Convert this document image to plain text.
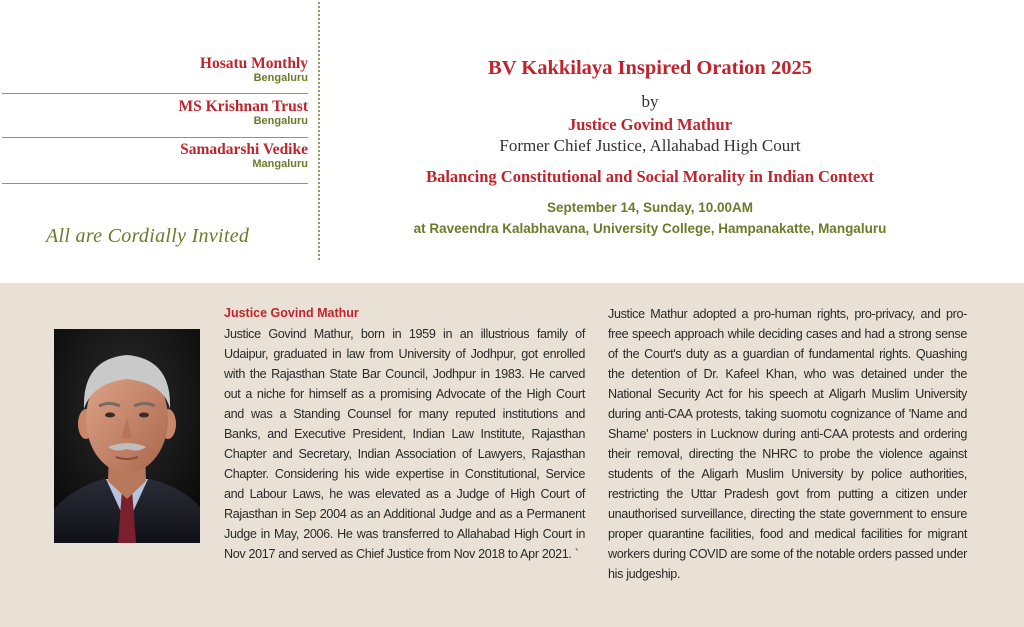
Hosatu Monthly
Bengaluru
MS Krishnan Trust
Bengaluru
Samadarshi Vedike
Mangaluru
All are Cordially Invited
BV Kakkilaya Inspired Oration 2025
by
Justice Govind Mathur
Former Chief Justice, Allahabad High Court
Balancing Constitutional and Social Morality in Indian Context
September 14, Sunday, 10.00AM
at Raveendra Kalabhavana, University College, Hampanakatte, Mangaluru
Justice Govind Mathur
Justice Govind Mathur, born in 1959 in an illustrious family of Udaipur, graduated in law from University of Jodhpur, got enrolled with the Rajasthan State Bar Council, Jodhpur in 1983. He carved out a niche for himself as a promising Advocate of the High Court and was a Standing Counsel for many reputed institutions and Banks, and Executive President, Indian Law Institute, Rajasthan Chapter and Secretary, Indian Association of Lawyers, Rajasthan Chapter. Considering his wide expertise in Constitutional, Service and Labour Laws, he was elevated as a Judge of High Court of Rajasthan in Sep 2004 as an Additional Judge and as a Permanent Judge in May, 2006. He was transferred to Allahabad High Court in Nov 2017 and served as Chief Justice from Nov 2018 to Apr 2021. `
Justice Mathur adopted a pro-human rights, pro-privacy, and pro-free speech approach while deciding cases and had a strong sense of the Court's duty as a guardian of fundamental rights. Quashing the detention of Dr. Kafeel Khan, who was detained under the National Security Act for his speech at Aligarh Muslim University during anti-CAA protests, taking suomotu cognizance of 'Name and Shame' posters in Lucknow during anti-CAA protests and ordering their removal, directing the NHRC to probe the violence against students of the Aligarh Muslim University by police authorities, restricting the Uttar Pradesh govt from putting a citizen under unauthorised surveillance, directing the state government to ensure proper quarantine facilities, food and medical facilities for migrant workers during COVID are some of the notable orders passed under his judgeship.
